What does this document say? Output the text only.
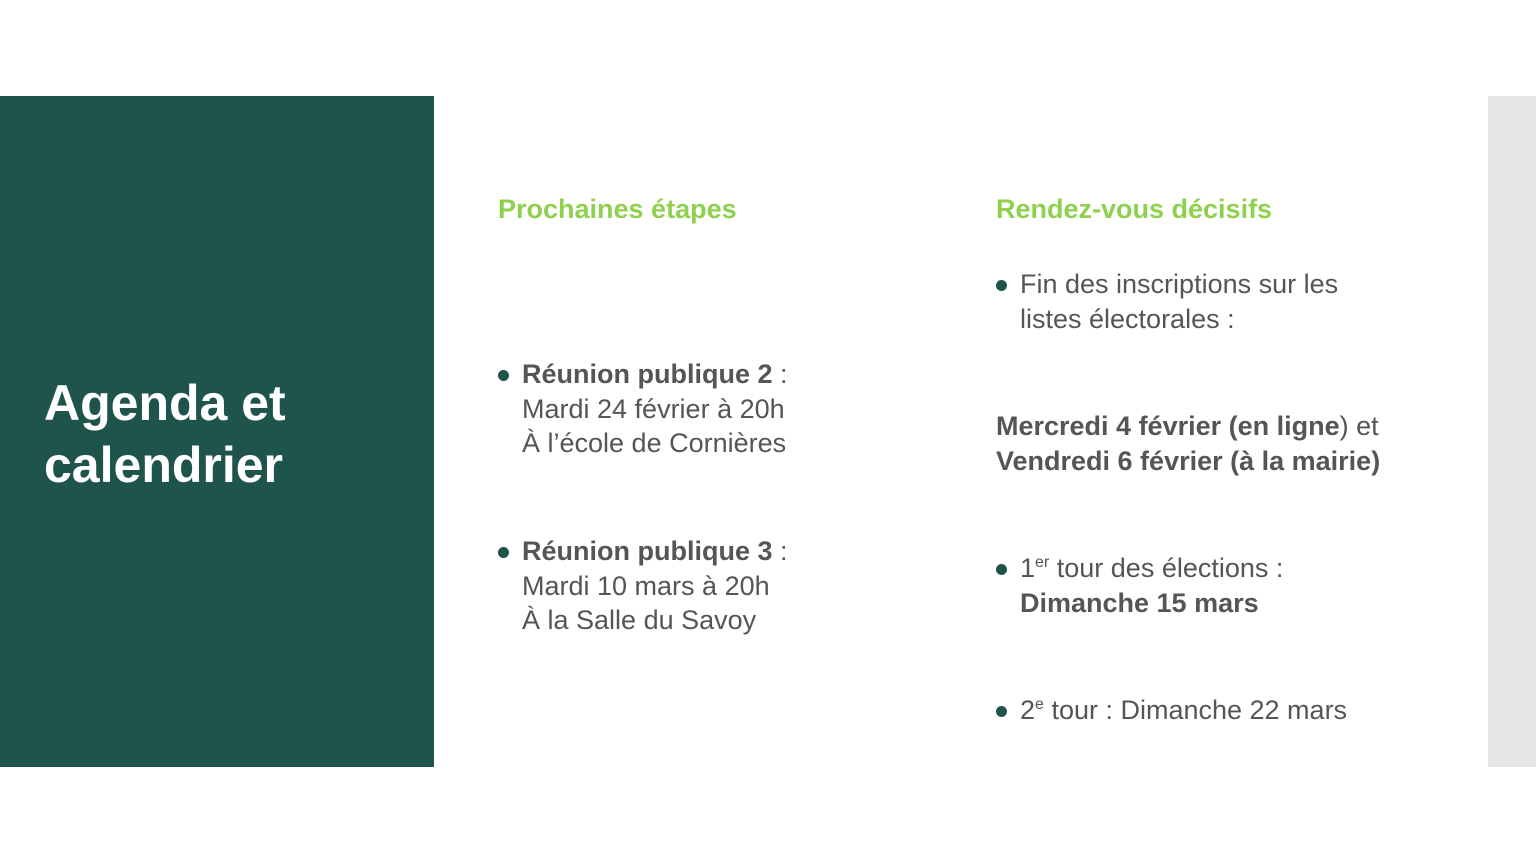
Agenda et
calendrier
Prochaines étapes	Rendez-vous décisifs
Réunion publique 2 :
Mardi 24 février à 20h
À l’école de Cornières
Réunion publique 3 :
Mardi 10 mars à 20h
À la Salle du Savoy
Fin des inscriptions sur les
listes électorales :
Mercredi 4 février (en ligne) et
Vendredi 6 février (à la mairie)
1er tour des élections :
Dimanche 15 mars
2e tour : Dimanche 22 mars
